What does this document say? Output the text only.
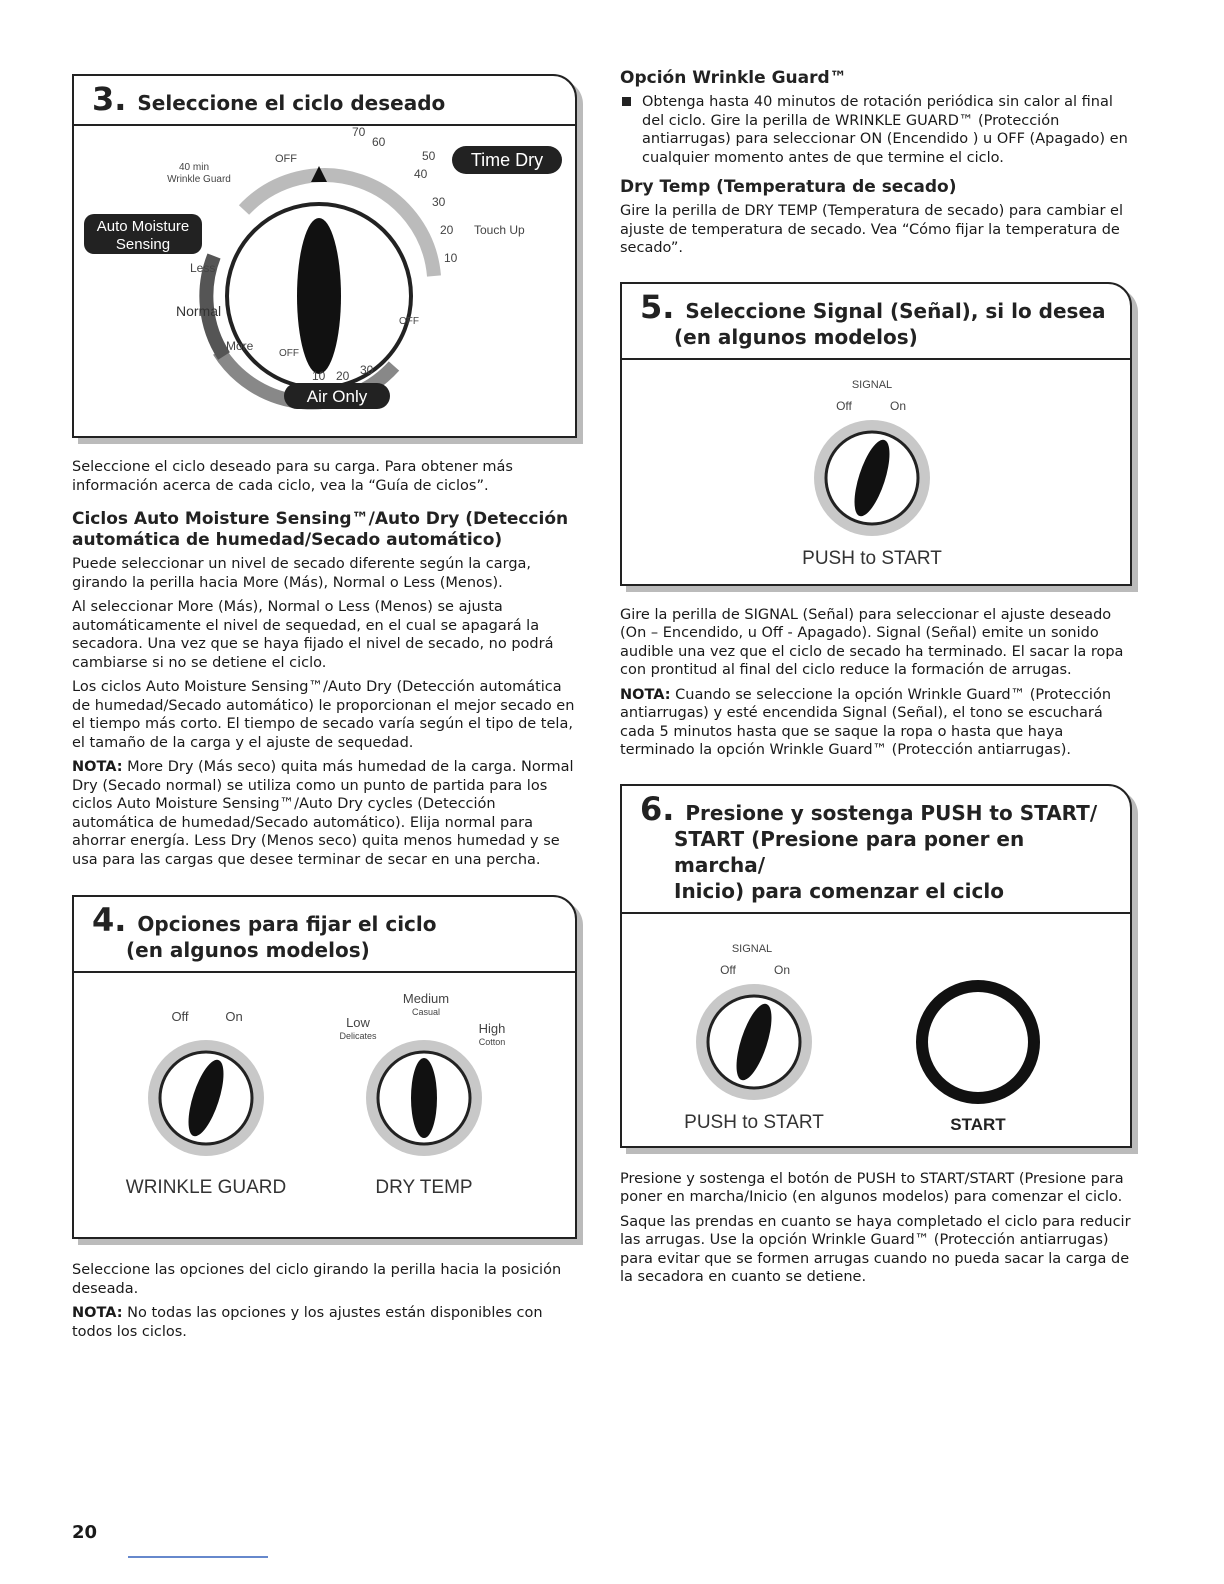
3. Seleccione el ciclo deseado
Time Dry
Auto Moisture
Sensing
Air Only
40 min
Wrinkle Guard
OFF
70
60
50
40
30
20 Touch Up
10
Less
Normal
More
OFF
OFF
10 20 30

Seleccione el ciclo deseado para su carga. Para obtener más información acerca de cada ciclo, vea la “Guía de ciclos”.

Ciclos Auto Moisture Sensing™/Auto Dry (Detección automática de humedad/Secado automático)

Puede seleccionar un nivel de secado diferente según la carga, girando la perilla hacia More (Más), Normal o Less (Menos).

Al seleccionar More (Más), Normal o Less (Menos) se ajusta automáticamente el nivel de sequedad, en el cual se apagará la secadora. Una vez que se haya fijado el nivel de secado, no podrá cambiarse si no se detiene el ciclo.

Los ciclos Auto Moisture Sensing™/Auto Dry (Detección automática de humedad/Secado automático) le proporcionan el mejor secado en el tiempo más corto. El tiempo de secado varía según el tipo de tela, el tamaño de la carga y el ajuste de sequedad.

NOTA: More Dry (Más seco) quita más humedad de la carga. Normal Dry (Secado normal) se utiliza como un punto de partida para los ciclos Auto Moisture Sensing™/Auto Dry cycles (Detección automática de humedad/Secado automático). Elija normal para ahorrar energía. Less Dry (Menos seco) quita menos humedad y se usa para las cargas que desee terminar de secar en una percha.

4. Opciones para fijar el ciclo
(en algunos modelos)
Off	On
WRINKLE GUARD
Medium
Casual
Low
Delicates	High
Cotton
DRY TEMP

Seleccione las opciones del ciclo girando la perilla hacia la posición deseada.

NOTA: No todas las opciones y los ajustes están disponibles con todos los ciclos.

Opción Wrinkle Guard™
Obtenga hasta 40 minutos de rotación periódica sin calor al final del ciclo. Gire la perilla de WRINKLE GUARD™ (Protección antiarrugas) para seleccionar ON (Encendido ) u OFF (Apagado) en cualquier momento antes de que termine el ciclo.
Dry Temp (Temperatura de secado)

Gire la perilla de DRY TEMP (Temperatura de secado) para cambiar el ajuste de temperatura de secado. Vea “Cómo fijar la temperatura de secado”.

5. Seleccione Signal (Señal), si lo desea
(en algunos modelos)
SIGNAL
Off	On
PUSH to START

Gire la perilla de SIGNAL (Señal) para seleccionar el ajuste deseado (On – Encendido, u Off - Apagado). Signal (Señal) emite un sonido audible una vez que el ciclo de secado ha terminado. El sacar la ropa con prontitud al final del ciclo reduce la formación de arrugas.

NOTA: Cuando se seleccione la opción Wrinkle Guard™ (Protección antiarrugas) y esté encendida Signal (Señal), el tono se escuchará cada 5 minutos hasta que se saque la ropa o hasta que haya terminado la opción Wrinkle Guard™ (Protección antiarrugas).

6. Presione y sostenga PUSH to START/
START (Presione para poner en marcha/
Inicio) para comenzar el ciclo
SIGNAL
Off	On
PUSH to START	START

Presione y sostenga el botón de PUSH to START/START (Presione para poner en marcha/Inicio (en algunos modelos) para comenzar el ciclo.

Saque las prendas en cuanto se haya completado el ciclo para reducir las arrugas. Use la opción Wrinkle Guard™ (Protección antiarrugas) para evitar que se formen arrugas cuando no pueda sacar la carga de la secadora en cuanto se detiene.

20
